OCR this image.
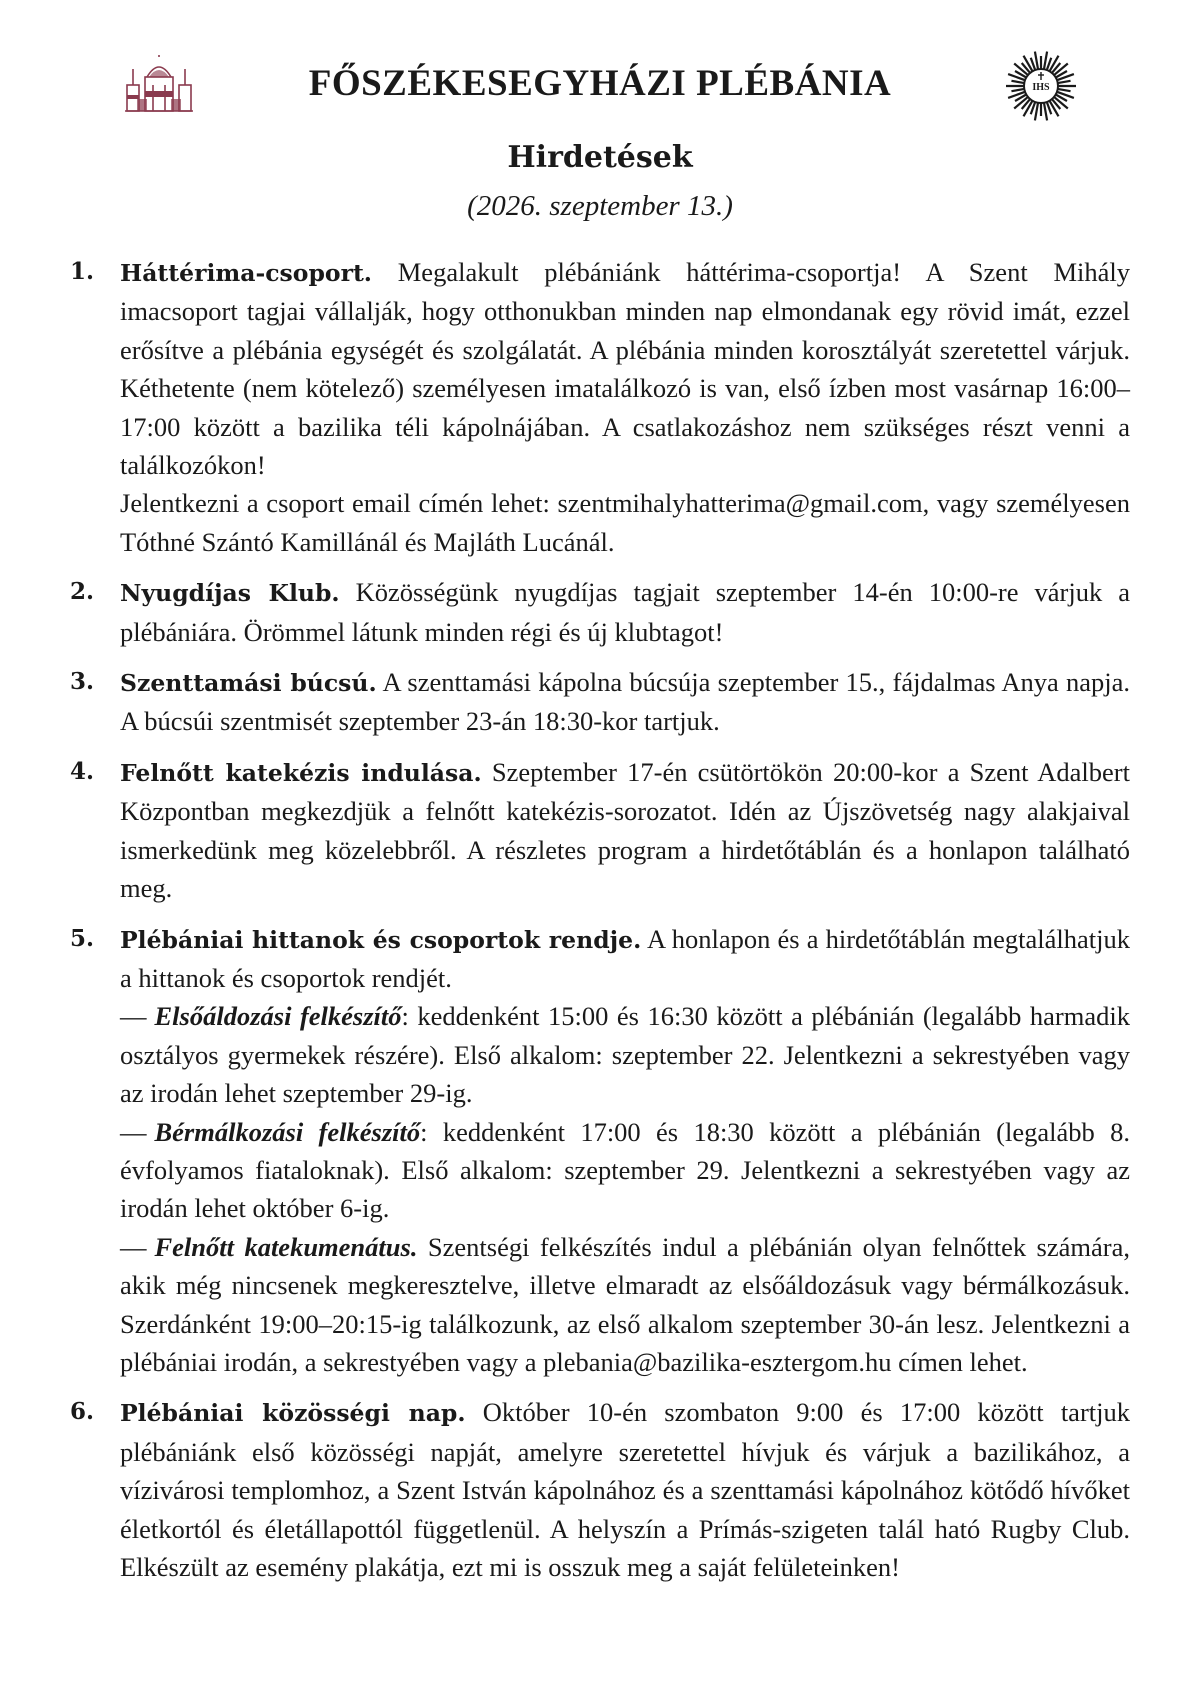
FŐSZÉKESEGYHÁZI PLÉBÁNIA	IHS
Hirdetések

(2026. szeptember 13.)

1. Háttérima-csoport. Megalakult plébániánk háttérima-csoportja! A Szent Mihály imacsoport tagjai vállalják, hogy otthonukban minden nap elmondanak egy rövid imát, ezzel erősítve a plébánia egységét és szolgálatát. A plébánia minden korosztályát szeretettel várjuk. Kéthetente (nem kötelező) személyesen imatalálkozó is van, első ízben most vasárnap 16:00–17:00 között a bazilika téli kápolnájában. A csatlakozáshoz nem szükséges részt venni a találkozókon!

Jelentkezni a csoport email címén lehet: szentmihalyhatterima@gmail.com, vagy személyesen Tóthné Szántó Kamillánál és Majláth Lucánál.

2. Nyugdíjas Klub. Közösségünk nyugdíjas tagjait szeptember 14-én 10:00-re várjuk a plébániára. Örömmel látunk minden régi és új klubtagot!

3. Szenttamási búcsú. A szenttamási kápolna búcsúja szeptember 15., fájdalmas Anya napja. A búcsúi szentmisét szeptember 23-án 18:30-kor tartjuk.

4. Felnőtt katekézis indulása. Szeptember 17-én csütörtökön 20:00-kor a Szent Adalbert Központban megkezdjük a felnőtt katekézis-sorozatot. Idén az Újszövetség nagy alakjaival ismerkedünk meg közelebbről. A részletes program a hirdetőtáblán és a honlapon található meg.

5. Plébániai hittanok és csoportok rendje. A honlapon és a hirdetőtáblán megtalálhatjuk a hittanok és csoportok rendjét.

— Elsőáldozási felkészítő: keddenként 15:00 és 16:30 között a plébánián (legalább harmadik osztályos gyermekek részére). Első alkalom: szeptember 22. Jelentkezni a sekrestyében vagy az irodán lehet szeptember 29-ig.

— Bérmálkozási felkészítő: keddenként 17:00 és 18:30 között a plébánián (legalább 8. évfolyamos fiataloknak). Első alkalom: szeptember 29. Jelentkezni a sekrestyében vagy az irodán lehet október 6-ig.

— Felnőtt katekumenátus. Szentségi felkészítés indul a plébánián olyan felnőttek számára, akik még nincsenek megkeresztelve, illetve elmaradt az elsőáldozásuk vagy bérmálkozásuk. Szerdánként 19:00–20:15-ig találkozunk, az első alkalom szeptember 30-án lesz. Jelentkezni a plébániai irodán, a sekrestyében vagy a plebania@bazilika-esztergom.hu címen lehet.

6. Plébániai közösségi nap. Október 10-én szombaton 9:00 és 17:00 között tartjuk plébániánk első közösségi napját, amelyre szeretettel hívjuk és várjuk a bazilikához, a vízivárosi templomhoz, a Szent István kápolnához és a szenttamási kápolnához kötődő hívőket életkortól és életállapottól függetlenül. A helyszín a Prímás-szigeten talál ható Rugby Club. Elkészült az esemény plakátja, ezt mi is osszuk meg a saját felületeinken!
